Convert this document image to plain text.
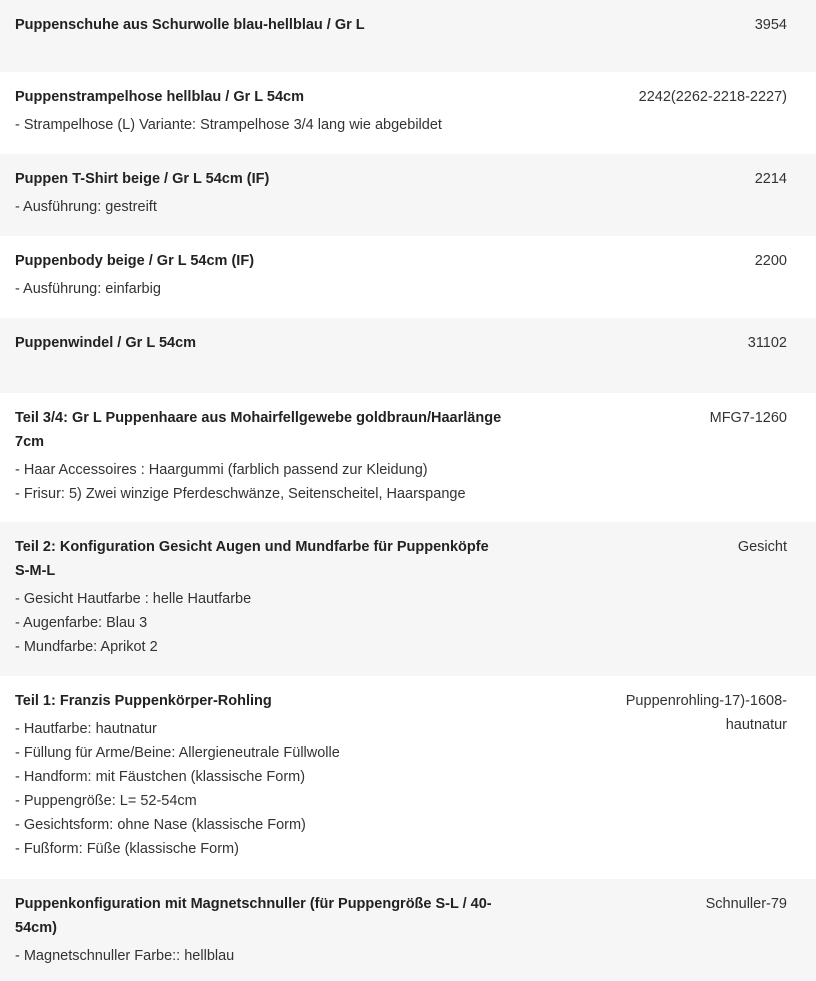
Puppenschuhe aus Schurwolle blau-hellblau / Gr L	3954
Puppenstrampelhose hellblau / Gr L 54cm
- Strampelhose (L) Variante: Strampelhose 3/4 lang wie abgebildet
2242(2262-2218-2227)
Puppen T-Shirt beige / Gr L 54cm (IF)
- Ausführung: gestreift
2214
Puppenbody beige / Gr L 54cm (IF)
- Ausführung: einfarbig
2200
Puppenwindel / Gr L 54cm	31102
Teil 3/4: Gr L Puppenhaare aus Mohairfellgewebe goldbraun/Haarlänge 7cm
- Haar Accessoires : Haargummi (farblich passend zur Kleidung)
- Frisur: 5) Zwei winzige Pferdeschwänze, Seitenscheitel, Haarspange
MFG7-1260
Teil 2: Konfiguration Gesicht Augen und Mundfarbe für Puppenköpfe S-M-L
- Gesicht Hautfarbe : helle Hautfarbe
- Augenfarbe: Blau 3
- Mundfarbe: Aprikot 2
Gesicht
Teil 1: Franzis Puppenkörper-Rohling
- Hautfarbe: hautnatur
- Füllung für Arme/Beine: Allergieneutrale Füllwolle
- Handform: mit Fäustchen (klassische Form)
- Puppengröße: L= 52-54cm
- Gesichtsform: ohne Nase (klassische Form)
- Fußform: Füße (klassische Form)
Puppenrohling-17)-1608-
hautnatur
Puppenkonfiguration mit Magnetschnuller (für Puppengröße S-L / 40-54cm)
- Magnetschnuller Farbe:: hellblau
Schnuller-79
